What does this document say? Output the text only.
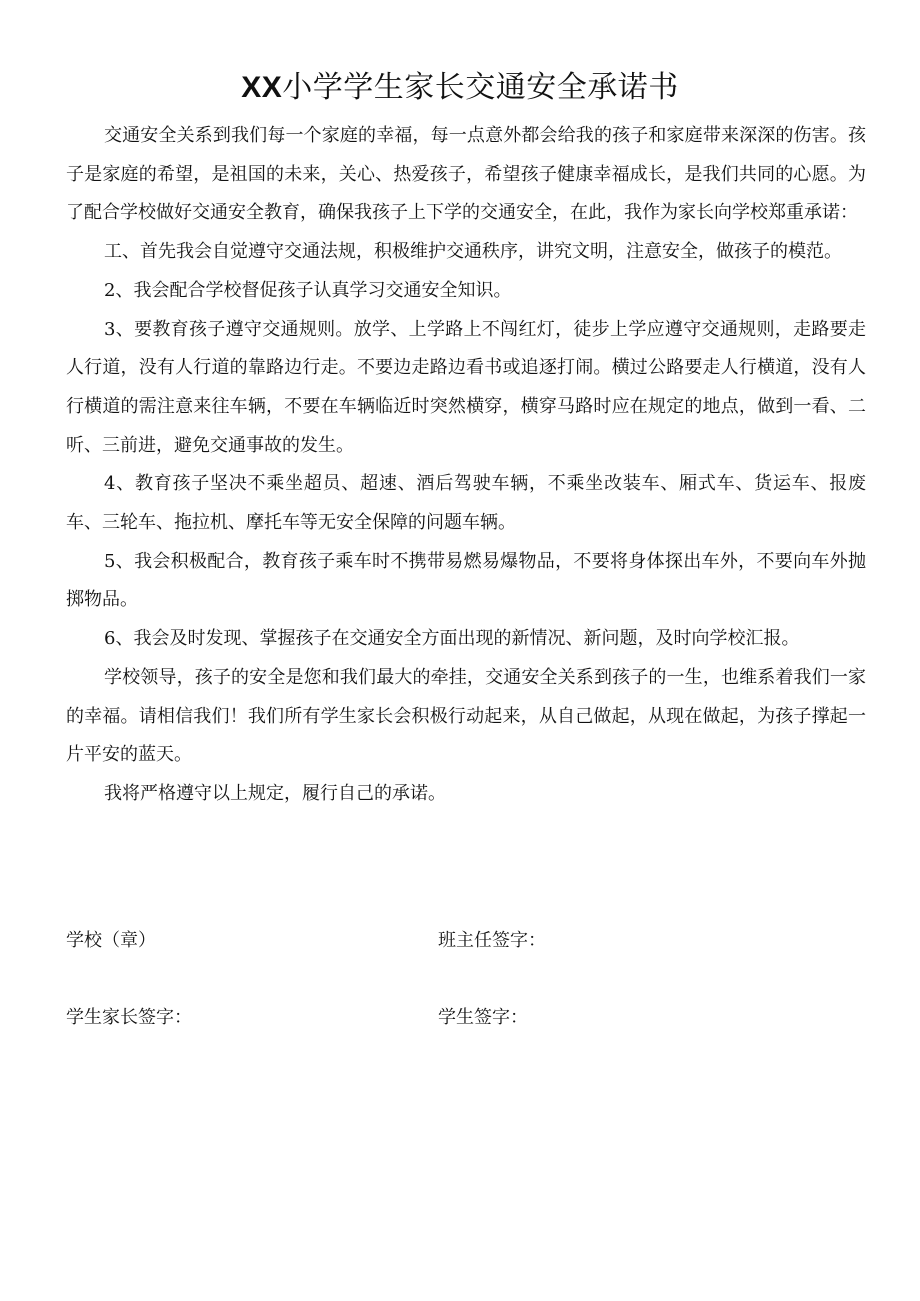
XX小学学生家长交通安全承诺书

交通安全关系到我们每一个家庭的幸福，每一点意外都会给我的孩子和家庭带来深深的伤害。孩子是家庭的希望，是祖国的未来，关心、热爱孩子，希望孩子健康幸福成长，是我们共同的心愿。为了配合学校做好交通安全教育，确保我孩子上下学的交通安全，在此，我作为家长向学校郑重承诺：

工、首先我会自觉遵守交通法规，积极维护交通秩序，讲究文明，注意安全，做孩子的模范。

2、我会配合学校督促孩子认真学习交通安全知识。

3、要教育孩子遵守交通规则。放学、上学路上不闯红灯，徒步上学应遵守交通规则，走路要走人行道，没有人行道的靠路边行走。不要边走路边看书或追逐打闹。横过公路要走人行横道，没有人行横道的需注意来往车辆，不要在车辆临近时突然横穿，横穿马路时应在规定的地点，做到一看、二听、三前进，避免交通事故的发生。

4、教育孩子坚决不乘坐超员、超速、酒后驾驶车辆，不乘坐改装车、厢式车、货运车、报废车、三轮车、拖拉机、摩托车等无安全保障的问题车辆。

5、我会积极配合，教育孩子乘车时不携带易燃易爆物品，不要将身体探出车外，不要向车外抛掷物品。

6、我会及时发现、掌握孩子在交通安全方面出现的新情况、新问题，及时向学校汇报。

学校领导，孩子的安全是您和我们最大的牵挂，交通安全关系到孩子的一生，也维系着我们一家的幸福。请相信我们！我们所有学生家长会积极行动起来，从自己做起，从现在做起，为孩子撑起一片平安的蓝天。

我将严格遵守以上规定，履行自己的承诺。

学校（章）	班主任签字：
学生家长签字：	学生签字：
